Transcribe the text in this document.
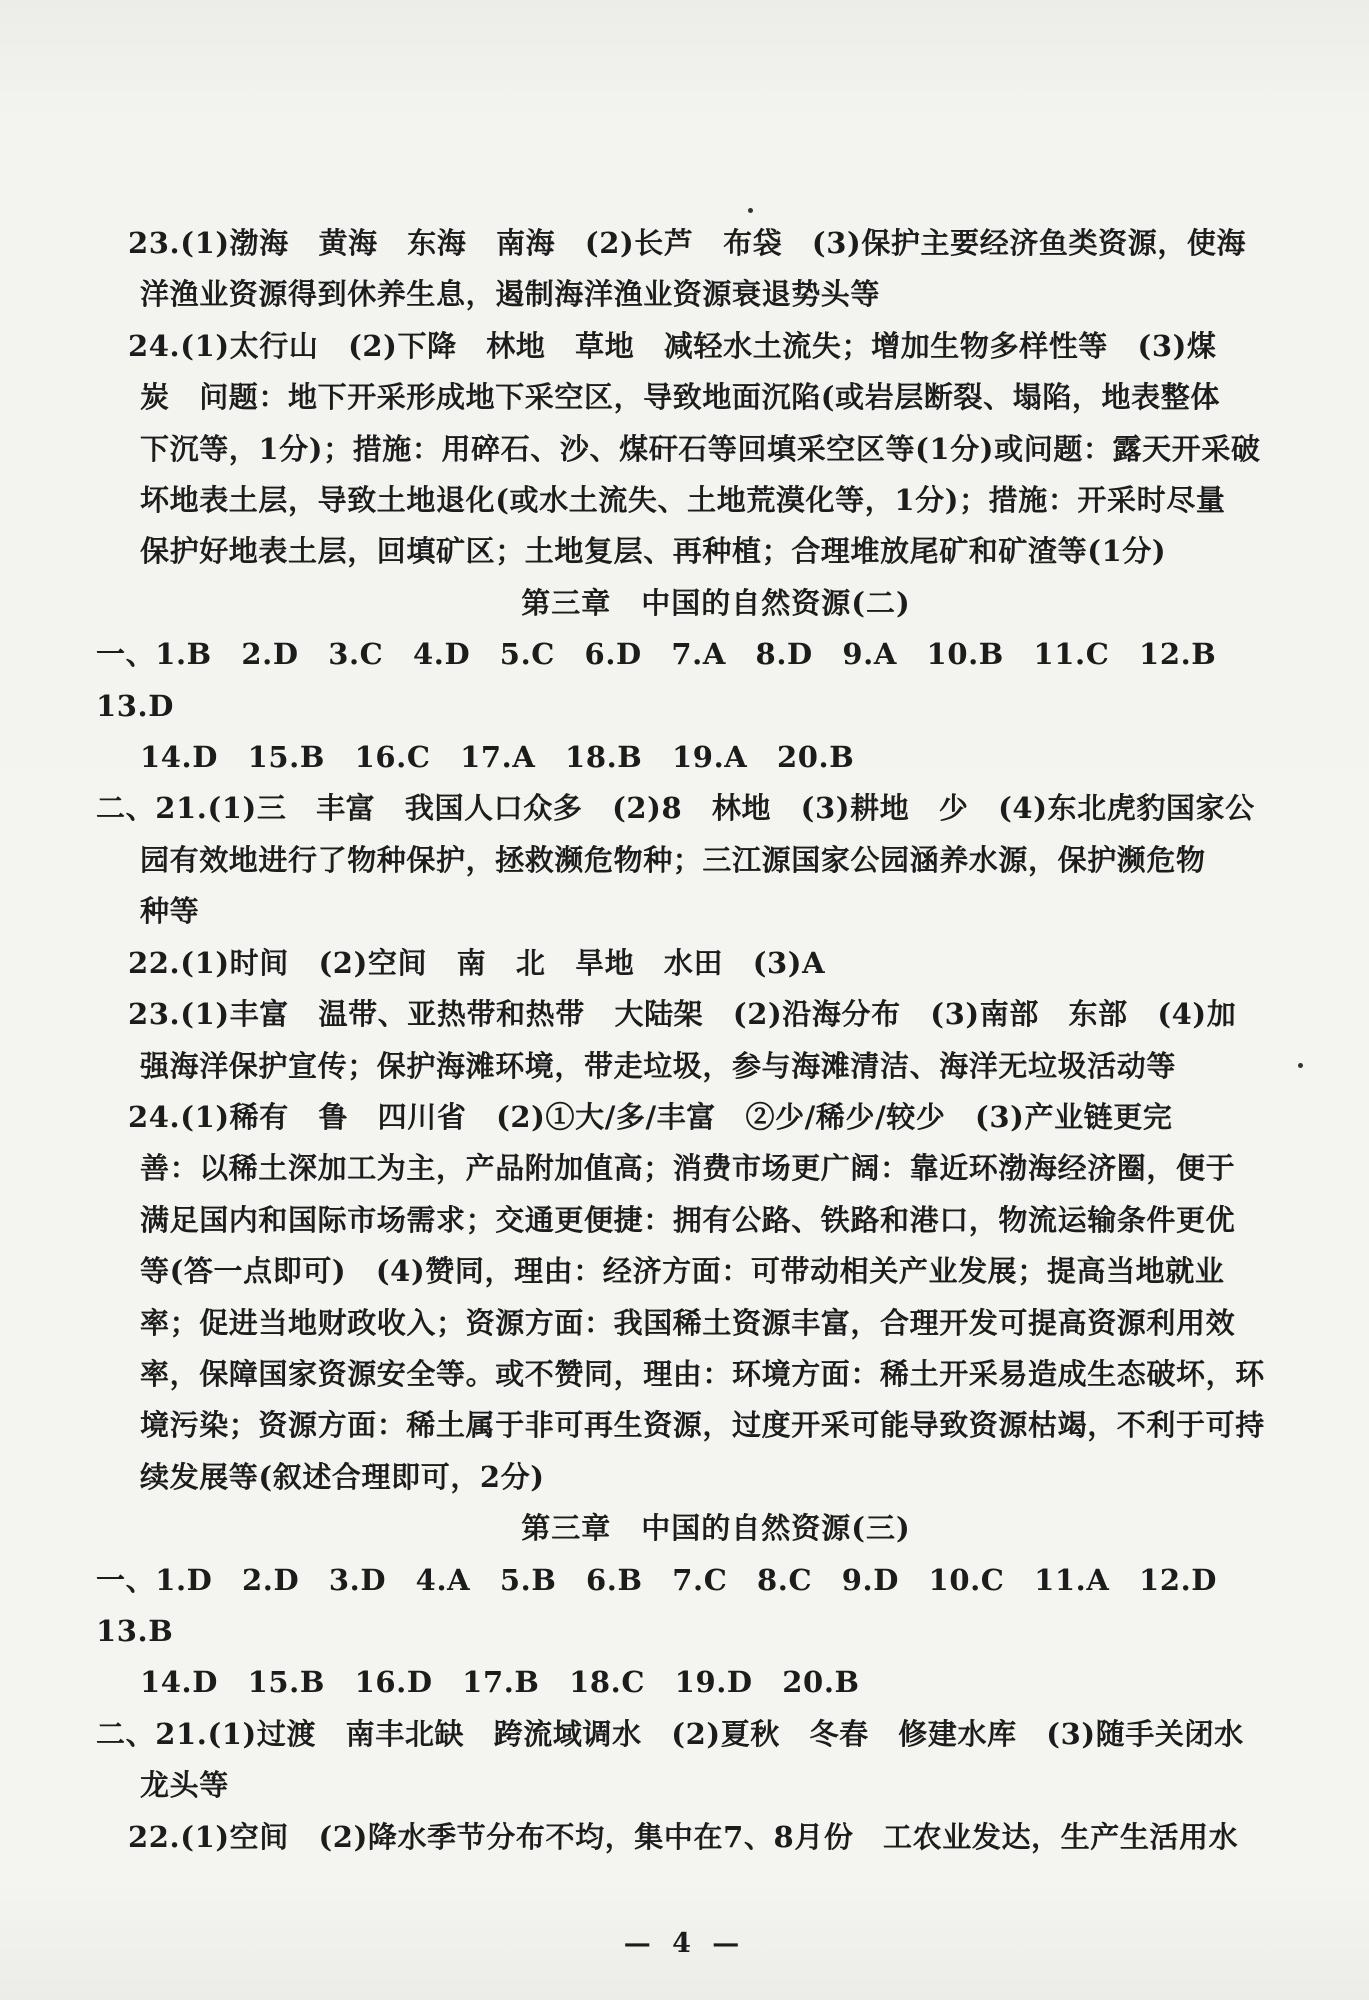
23.(1)渤海　黄海　东海　南海　(2)长芦　布袋　(3)保护主要经济鱼类资源，使海

洋渔业资源得到休养生息，遏制海洋渔业资源衰退势头等

24.(1)太行山　(2)下降　林地　草地　减轻水土流失；增加生物多样性等　(3)煤

炭　问题：地下开采形成地下采空区，导致地面沉陷(或岩层断裂、塌陷，地表整体

下沉等，1分)；措施：用碎石、沙、煤矸石等回填采空区等(1分)或问题：露天开采破

坏地表土层，导致土地退化(或水土流失、土地荒漠化等，1分)；措施：开采时尽量

保护好地表土层，回填矿区；土地复层、再种植；合理堆放尾矿和矿渣等(1分)

第三章　中国的自然资源(二)

一、1.B　2.D　3.C　4.D　5.C　6.D　7.A　8.D　9.A　10.B　11.C　12.B　13.D

14.D　15.B　16.C　17.A　18.B　19.A　20.B

二、21.(1)三　丰富　我国人口众多　(2)8　林地　(3)耕地　少　(4)东北虎豹国家公

园有效地进行了物种保护，拯救濒危物种；三江源国家公园涵养水源，保护濒危物

种等

22.(1)时间　(2)空间　南　北　旱地　水田　(3)A

23.(1)丰富　温带、亚热带和热带　大陆架　(2)沿海分布　(3)南部　东部　(4)加

强海洋保护宣传；保护海滩环境，带走垃圾，参与海滩清洁、海洋无垃圾活动等

24.(1)稀有　鲁　四川省　(2)①大/多/丰富　②少/稀少/较少　(3)产业链更完

善：以稀土深加工为主，产品附加值高；消费市场更广阔：靠近环渤海经济圈，便于

满足国内和国际市场需求；交通更便捷：拥有公路、铁路和港口，物流运输条件更优

等(答一点即可)　(4)赞同，理由：经济方面：可带动相关产业发展；提高当地就业

率；促进当地财政收入；资源方面：我国稀土资源丰富，合理开发可提高资源利用效

率，保障国家资源安全等。或不赞同，理由：环境方面：稀土开采易造成生态破坏，环

境污染；资源方面：稀土属于非可再生资源，过度开采可能导致资源枯竭，不利于可持

续发展等(叙述合理即可，2分)

第三章　中国的自然资源(三)

一、1.D　2.D　3.D　4.A　5.B　6.B　7.C　8.C　9.D　10.C　11.A　12.D　13.B

14.D　15.B　16.D　17.B　18.C　19.D　20.B

二、21.(1)过渡　南丰北缺　跨流域调水　(2)夏秋　冬春　修建水库　(3)随手关闭水

龙头等

22.(1)空间　(2)降水季节分布不均，集中在7、8月份　工农业发达，生产生活用水

— 4 —
